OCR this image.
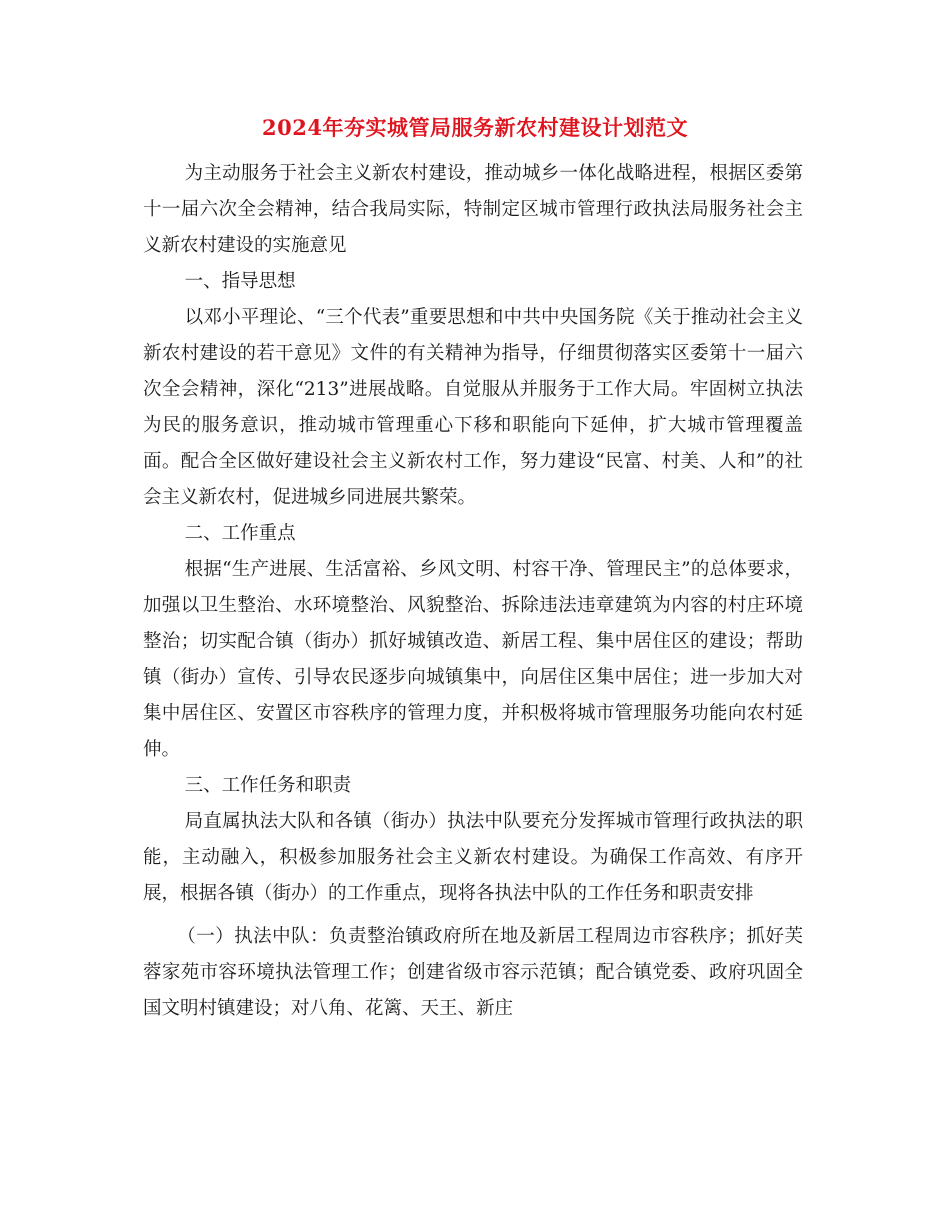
2024年夯实城管局服务新农村建设计划范文

为主动服务于社会主义新农村建设，推动城乡一体化战略进程，根据区委第十一届六次全会精神，结合我局实际，特制定区城市管理行政执法局服务社会主义新农村建设的实施意见

一、指导思想

以邓小平理论、“三个代表”重要思想和中共中央国务院《关于推动社会主义新农村建设的若干意见》文件的有关精神为指导，仔细贯彻落实区委第十一届六次全会精神，深化“213”进展战略。自觉服从并服务于工作大局。牢固树立执法为民的服务意识，推动城市管理重心下移和职能向下延伸，扩大城市管理覆盖面。配合全区做好建设社会主义新农村工作，努力建设“民富、村美、人和”的社会主义新农村，促进城乡同进展共繁荣。

二、工作重点

根据“生产进展、生活富裕、乡风文明、村容干净、管理民主”的总体要求，加强以卫生整治、水环境整治、风貌整治、拆除违法违章建筑为内容的村庄环境整治；切实配合镇（街办）抓好城镇改造、新居工程、集中居住区的建设；帮助镇（街办）宣传、引导农民逐步向城镇集中，向居住区集中居住；进一步加大对集中居住区、安置区市容秩序的管理力度，并积极将城市管理服务功能向农村延伸。

三、工作任务和职责

局直属执法大队和各镇（街办）执法中队要充分发挥城市管理行政执法的职能，主动融入，积极参加服务社会主义新农村建设。为确保工作高效、有序开展，根据各镇（街办）的工作重点，现将各执法中队的工作任务和职责安排

（一）执法中队：负责整治镇政府所在地及新居工程周边市容秩序；抓好芙蓉家苑市容环境执法管理工作；创建省级市容示范镇；配合镇党委、政府巩固全国文明村镇建设；对八角、花篱、天王、新庄
